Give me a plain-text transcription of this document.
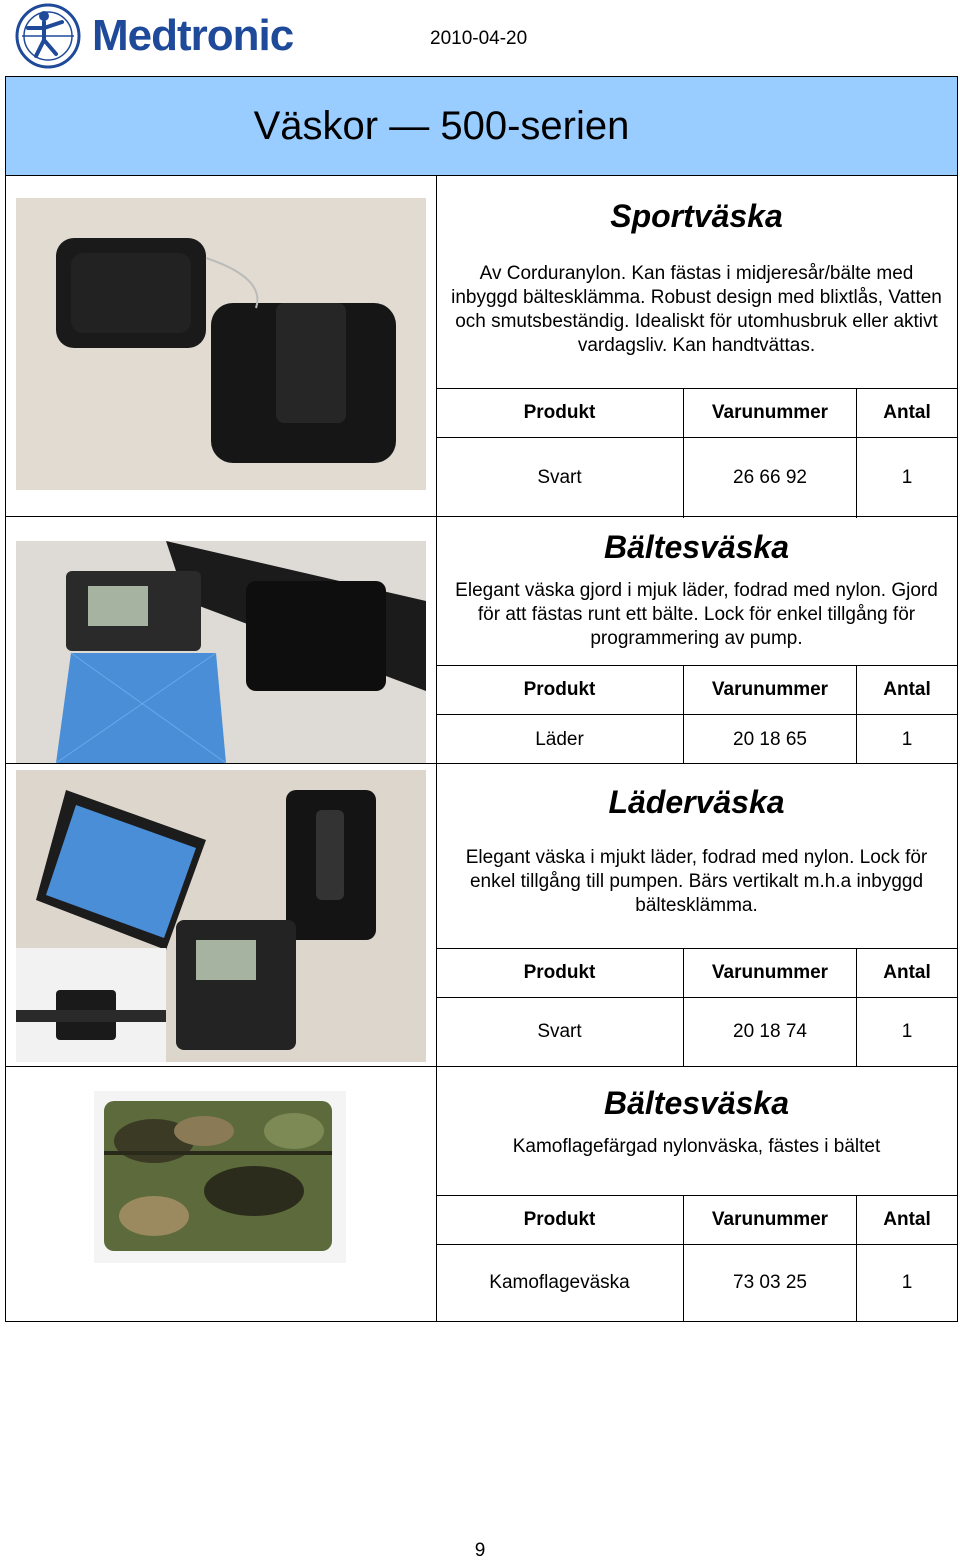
Medtronic	2010-04-20
Väskor — 500-serien
Sportväska
Av Corduranylon. Kan fästas i midjeresår/bälte med inbyggd bältesklämma. Robust design med blixtlås, Vatten och smutsbeständig. Idealiskt för utomhusbruk eller aktivt vardagsliv. Kan handtvättas.
Produkt	Varunummer	Antal
Svart	26 66 92	1
Bältesväska
Elegant väska gjord i mjuk läder, fodrad med nylon. Gjord för att fästas runt ett bälte. Lock för enkel tillgång för programmering av pump.
Produkt	Varunummer	Antal
Läder	20 18 65	1
Läderväska
Elegant väska i mjukt läder, fodrad med nylon. Lock för enkel tillgång till pumpen. Bärs vertikalt m.h.a inbyggd bältesklämma.
Produkt	Varunummer	Antal
Svart	20 18 74	1
Bältesväska
Kamoflagefärgad nylonväska, fästes i bältet
Produkt	Varunummer	Antal
Kamoflageväska	73 03 25	1
9
